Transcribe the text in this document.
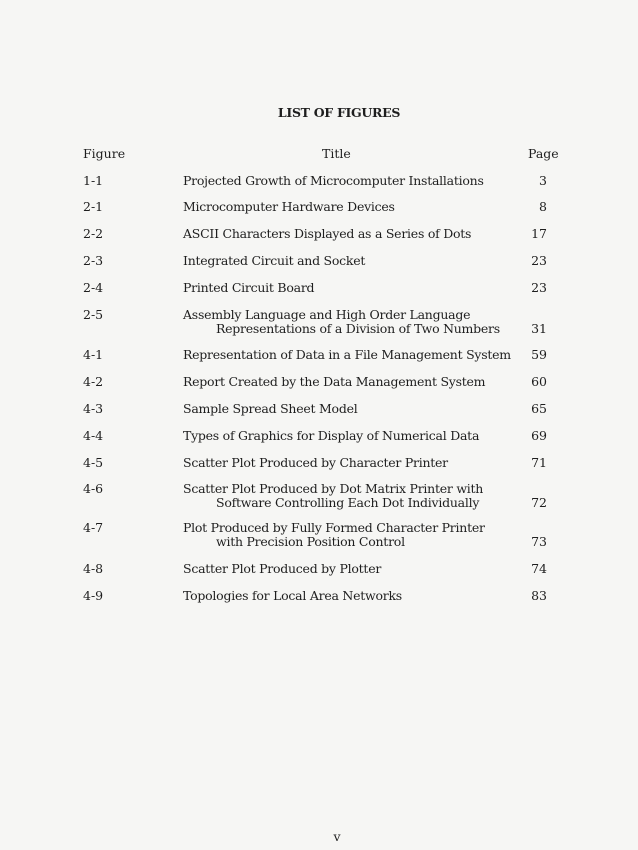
LIST OF FIGURES
Figure	Title	Page
1-1	Projected Growth of Microcomputer Installations	3
2-1	Microcomputer Hardware Devices	8
2-2	ASCII Characters Displayed as a Series of Dots	17
2-3	Integrated Circuit and Socket	23
2-4	Printed Circuit Board	23
2-5	Assembly Language and High Order Language
Representations of a Division of Two Numbers 31
4-1	Representation of Data in a File Management System 59
4-2	Report Created by the Data Management System	60
4-3	Sample Spread Sheet Model	65
4-4	Types of Graphics for Display of Numerical Data	69
4-5	Scatter Plot Produced by Character Printer	71
4-6	Scatter Plot Produced by Dot Matrix Printer with
Software Controlling Each Dot Individually	72
4-7	Plot Produced by Fully Formed Character Printer
with Precision Position Control	73
4-8	Scatter Plot Produced by Plotter	74
4-9	Topologies for Local Area Networks	83
v
